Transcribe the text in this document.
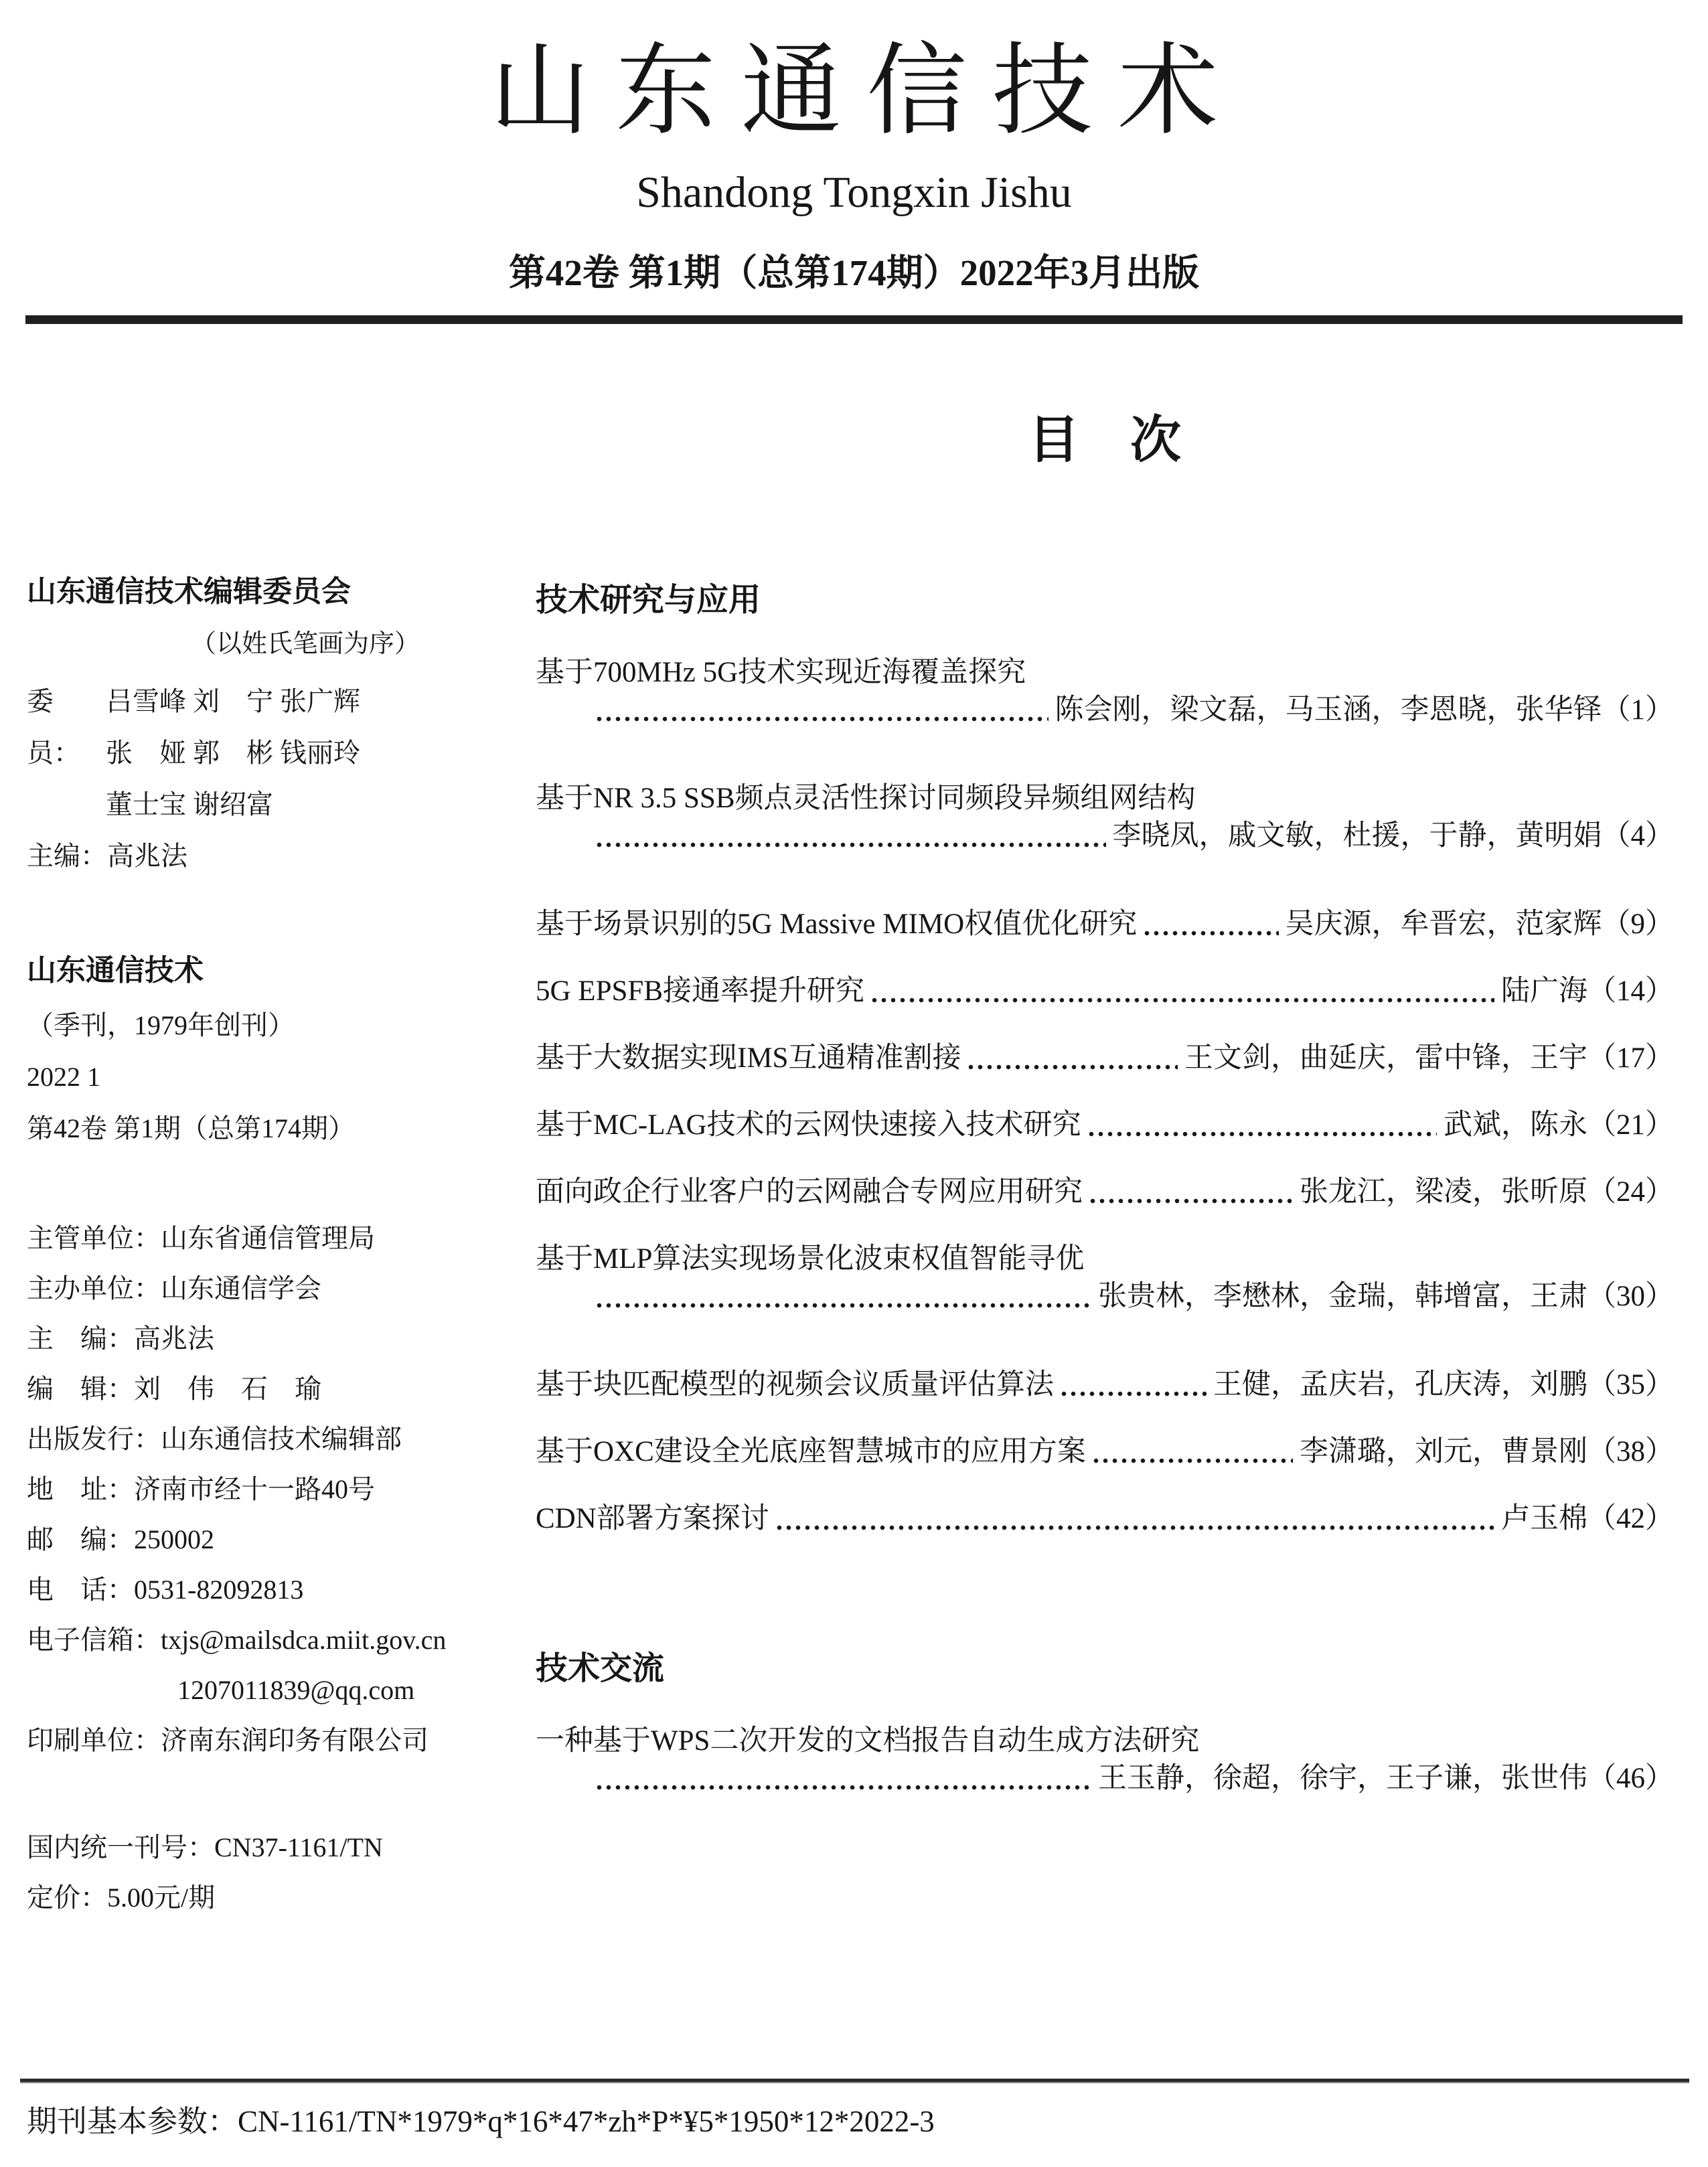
山东通信技术
Shandong Tongxin Jishu
第42卷 第1期（总第174期）2022年3月出版
山东通信技术编辑委员会
（以姓氏笔画为序）
委员：
吕雪峰 刘　宁 张广辉
张　娅 郭　彬 钱丽玲
董士宝 谢绍富
主编：高兆法
山东通信技术
（季刊，1979年创刊）
2022 1
第42卷 第1期（总第174期）
主管单位：山东省通信管理局
主办单位：山东通信学会
主　编：高兆法
编　辑：刘　伟　石　瑜
出版发行：山东通信技术编辑部
地　址：济南市经十一路40号
邮　编：250002
电　话：0531-82092813
电子信箱：txjs@mailsdca.miit.gov.cn
1207011839@qq.com
印刷单位：济南东润印务有限公司
国内统一刊号：CN37-1161/TN
定价：5.00元/期
目　次
技术研究与应用
基于700MHz 5G技术实现近海覆盖探究
陈会刚，梁文磊，马玉涵，李恩晓，张华铎 （1）
基于NR 3.5 SSB频点灵活性探讨同频段异频组网结构
李晓凤，戚文敏，杜援，于静，黄明娟 （4）
基于场景识别的5G Massive MIMO权值优化研究	吴庆源，牟晋宏，范家辉 （9）
5G EPSFB接通率提升研究	陆广海 （14）
基于大数据实现IMS互通精准割接	王文剑，曲延庆，雷中锋，王宇 （17）
基于MC-LAG技术的云网快速接入技术研究	武斌，陈永 （21）
面向政企行业客户的云网融合专网应用研究	张龙江，梁凌，张昕原 （24）
基于MLP算法实现场景化波束权值智能寻优
张贵林，李懋林，金瑞，韩增富，王肃 （30）
基于块匹配模型的视频会议质量评估算法	王健，孟庆岩，孔庆涛，刘鹏 （35）
基于OXC建设全光底座智慧城市的应用方案	李潇璐，刘元，曹景刚 （38）
CDN部署方案探讨	卢玉棉 （42）
技术交流
一种基于WPS二次开发的文档报告自动生成方法研究
王玉静，徐超，徐宇，王子谦，张世伟 （46）
期刊基本参数：CN-1161/TN*1979*q*16*47*zh*P*¥5*1950*12*2022-3
